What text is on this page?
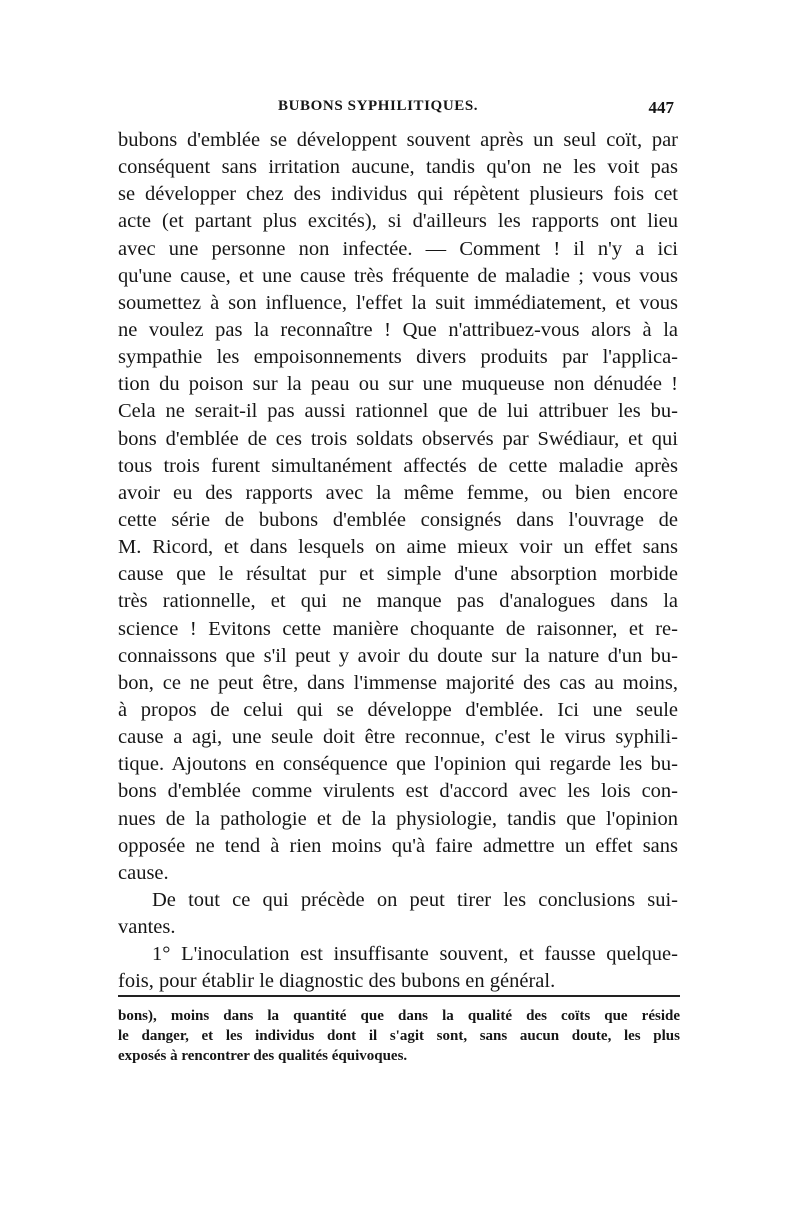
BUBONS SYPHILITIQUES.	447
bubons d'emblée se développent souvent après un seul coït, par
conséquent sans irritation aucune, tandis qu'on ne les voit pas
se développer chez des individus qui répètent plusieurs fois cet
acte (et partant plus excités), si d'ailleurs les rapports ont lieu
avec une personne non infectée. — Comment ! il n'y a ici
qu'une cause, et une cause très fréquente de maladie ; vous vous
soumettez à son influence, l'effet la suit immédiatement, et vous
ne voulez pas la reconnaître ! Que n'attribuez-vous alors à la
sympathie les empoisonnements divers produits par l'applica-
tion du poison sur la peau ou sur une muqueuse non dénudée !
Cela ne serait-il pas aussi rationnel que de lui attribuer les bu-
bons d'emblée de ces trois soldats observés par Swédiaur, et qui
tous trois furent simultanément affectés de cette maladie après
avoir eu des rapports avec la même femme, ou bien encore
cette série de bubons d'emblée consignés dans l'ouvrage de
M. Ricord, et dans lesquels on aime mieux voir un effet sans
cause que le résultat pur et simple d'une absorption morbide
très rationnelle, et qui ne manque pas d'analogues dans la
science ! Evitons cette manière choquante de raisonner, et re-
connaissons que s'il peut y avoir du doute sur la nature d'un bu-
bon, ce ne peut être, dans l'immense majorité des cas au moins,
à propos de celui qui se développe d'emblée. Ici une seule
cause a agi, une seule doit être reconnue, c'est le virus syphili-
tique. Ajoutons en conséquence que l'opinion qui regarde les bu-
bons d'emblée comme virulents est d'accord avec les lois con-
nues de la pathologie et de la physiologie, tandis que l'opinion
opposée ne tend à rien moins qu'à faire admettre un effet sans
cause.
De tout ce qui précède on peut tirer les conclusions sui-
vantes.
1° L'inoculation est insuffisante souvent, et fausse quelque-
fois, pour établir le diagnostic des bubons en général.
bons), moins dans la quantité que dans la qualité des coïts que réside
le danger, et les individus dont il s'agit sont, sans aucun doute, les plus
exposés à rencontrer des qualités équivoques.
